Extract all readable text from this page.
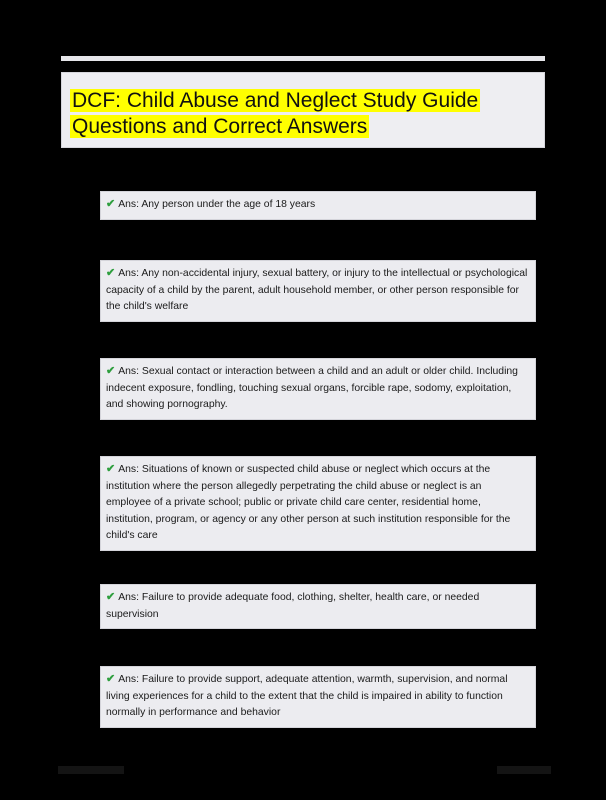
DCF: Child Abuse and Neglect Study Guide
Questions and Correct Answers
✔ Ans: Any person under the age of 18 years
✔ Ans: Any non-accidental injury, sexual battery, or injury to the intellectual or psychological capacity of a child by the parent, adult household member, or other person responsible for the child's welfare
✔ Ans: Sexual contact or interaction between a child and an adult or older child. Including indecent exposure, fondling, touching sexual organs, forcible rape, sodomy, exploitation, and showing pornography.
✔ Ans: Situations of known or suspected child abuse or neglect which occurs at the institution where the person allegedly perpetrating the child abuse or neglect is an employee of a private school; public or private child care center, residential home, institution, program, or agency or any other person at such institution responsible for the child's care
✔ Ans: Failure to provide adequate food, clothing, shelter, health care, or needed supervision
✔ Ans: Failure to provide support, adequate attention, warmth, supervision, and normal living experiences for a child to the extent that the child is impaired in ability to function normally in performance and behavior
